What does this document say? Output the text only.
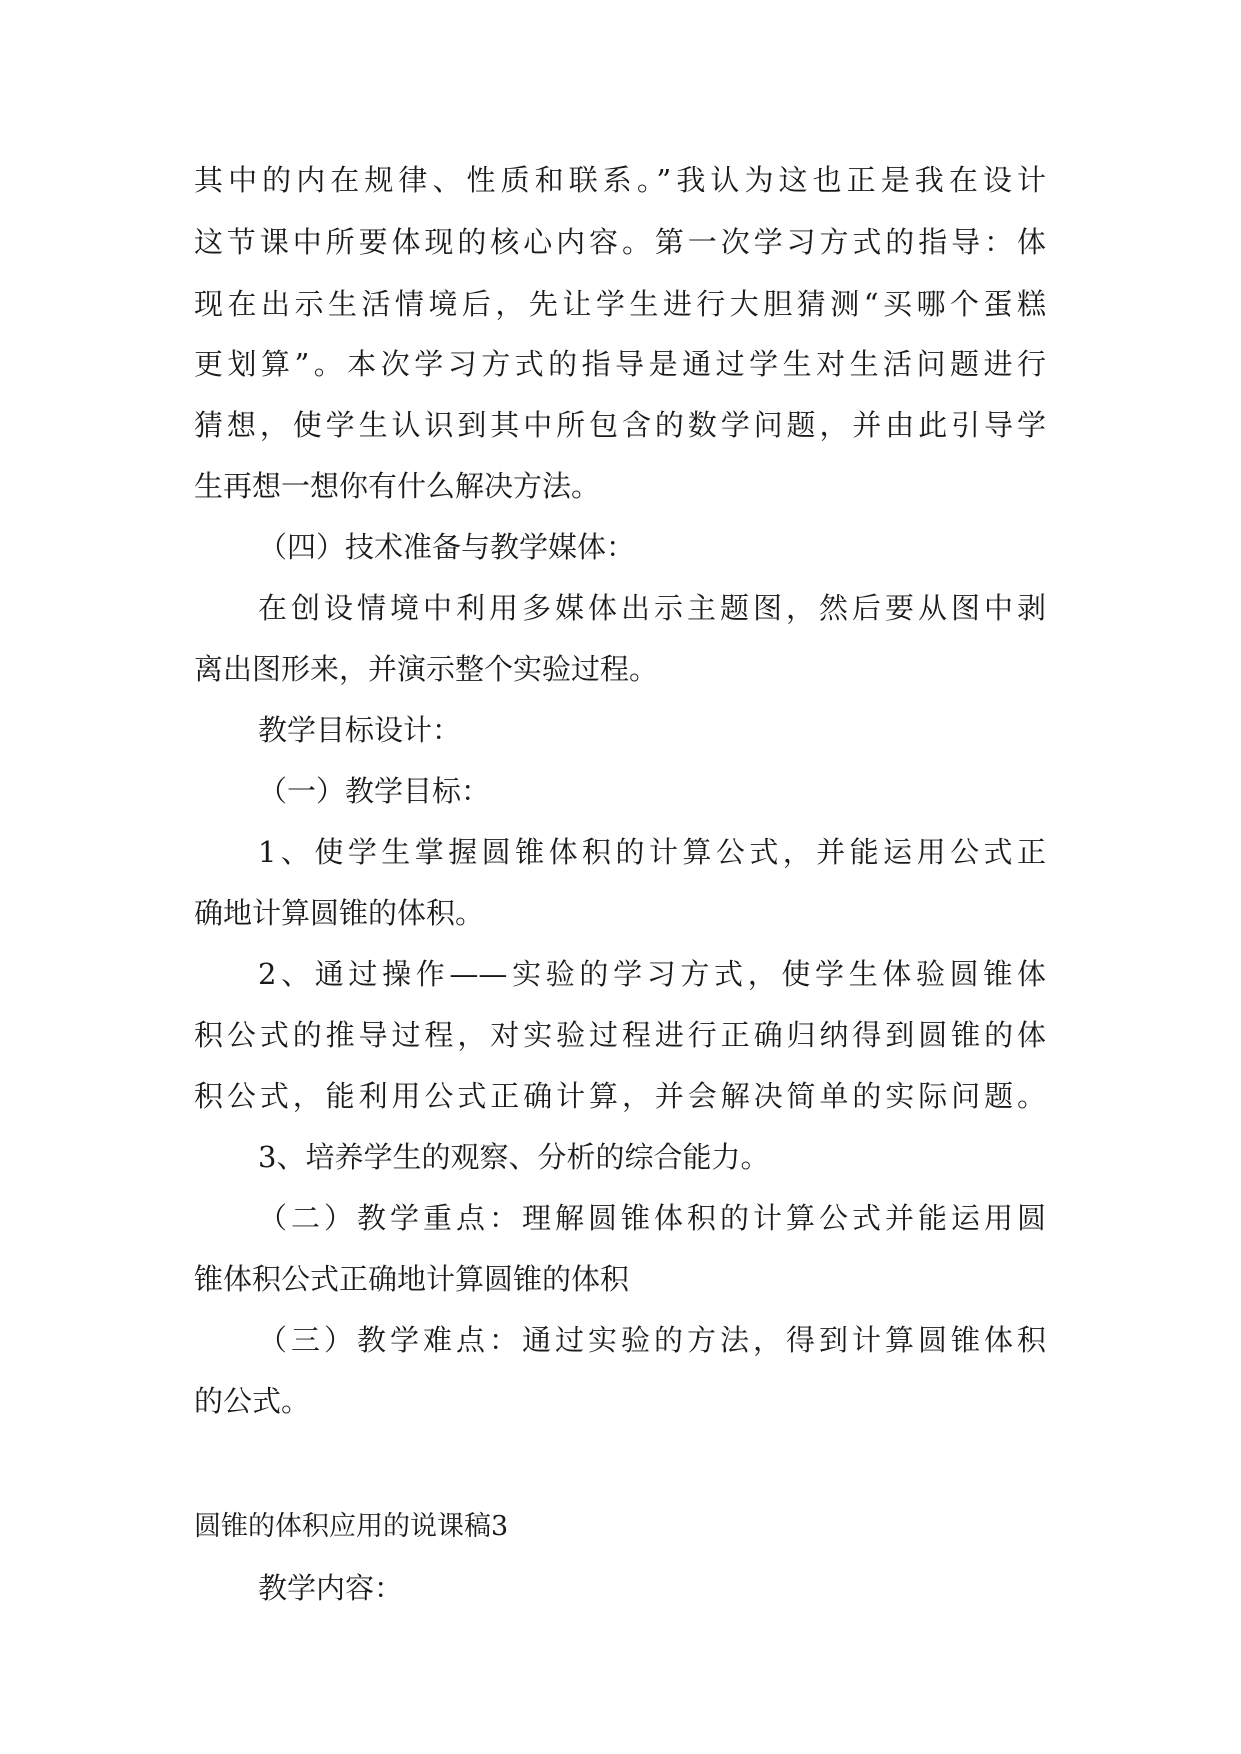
其中的内在规律、性质和联系。”我认为这也正是我在设计
这节课中所要体现的核心内容。第一次学习方式的指导：体
现在出示生活情境后，先让学生进行大胆猜测“买哪个蛋糕
更划算”。本次学习方式的指导是通过学生对生活问题进行
猜想，使学生认识到其中所包含的数学问题，并由此引导学
生再想一想你有什么解决方法。
（四）技术准备与教学媒体：
在创设情境中利用多媒体出示主题图，然后要从图中剥
离出图形来，并演示整个实验过程。
教学目标设计：
（一）教学目标：
1、使学生掌握圆锥体积的计算公式，并能运用公式正
确地计算圆锥的体积。
2、通过操作——实验的学习方式，使学生体验圆锥体
积公式的推导过程，对实验过程进行正确归纳得到圆锥的体
积公式，能利用公式正确计算，并会解决简单的实际问题。
3、培养学生的观察、分析的综合能力。
（二）教学重点：理解圆锥体积的计算公式并能运用圆
锥体积公式正确地计算圆锥的体积
（三）教学难点：通过实验的方法，得到计算圆锥体积
的公式。
圆锥的体积应用的说课稿3
教学内容：
